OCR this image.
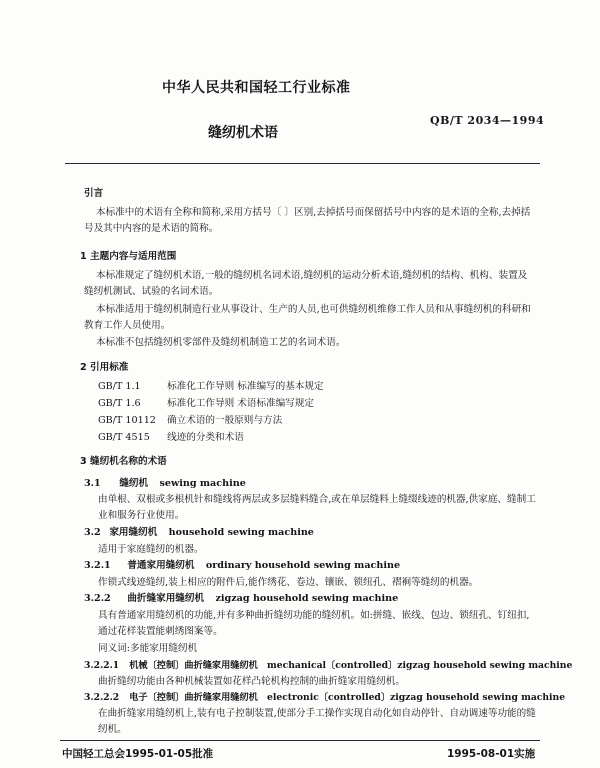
中华人民共和国轻工行业标准
缝纫机术语
QB/T 2034—1994
引言
本标准中的术语有全称和简称,采用方括号〔 〕区别,去掉括号而保留括号中内容的是术语的全称,去掉括号及其中内容的是术语的简称。
1 主题内容与适用范围
本标准规定了缝纫机术语,一般的缝纫机名词术语,缝纫机的运动分析术语,缝纫机的结构、机构、装置及缝纫机测试、试验的名词术语。
本标准适用于缝纫机制造行业从事设计、生产的人员,也可供缝纫机维修工作人员和从事缝纫机的科研和教育工作人员使用。
本标准不包括缝纫机零部件及缝纫机制造工艺的名词术语。
2 引用标准
GB/T 1.1	标准化工作导则 标准编写的基本规定
GB/T 1.6	标准化工作导则 术语标准编写规定
GB/T 10112 确立术语的一般原则与方法
GB/T 4515 线迹的分类和术语
3 缝纫机名称的术语
3.1 缝纫机 sewing machine
由单根、双根或多根机针和缝线将两层或多层缝料缝合,或在单层缝料上缝缀线迹的机器,供家庭、缝制工业和服务行业使用。
3.2 家用缝纫机 household sewing machine
适用于家庭缝纫的机器。
3.2.1 普通家用缝纫机 ordinary household sewing machine
作锁式线迹缝纫,装上相应的附件后,能作绣花、卷边、镶嵌、锁纽孔、褶裥等缝纫的机器。
3.2.2 曲折缝家用缝纫机 zigzag household sewing machine
具有普通家用缝纫机的功能,并有多种曲折缝纫功能的缝纫机。如:拼缝、嵌线、包边、锁纽孔、钉纽扣,通过花样装置能刺绣图案等。
同义词:多能家用缝纫机
3.2.2.1 机械〔控制〕曲折缝家用缝纫机 mechanical〔controlled〕zigzag household sewing machine
曲折缝纫功能由各种机械装置如花样凸轮机构控制的曲折缝家用缝纫机。
3.2.2.2 电子〔控制〕曲折缝家用缝纫机 electronic〔controlled〕zigzag household sewing machine
在曲折缝家用缝纫机上,装有电子控制装置,使部分手工操作实现自动化如自动停针、自动调速等功能的缝纫机。
中国轻工总会1995-01-05批准	1995-08-01实施
